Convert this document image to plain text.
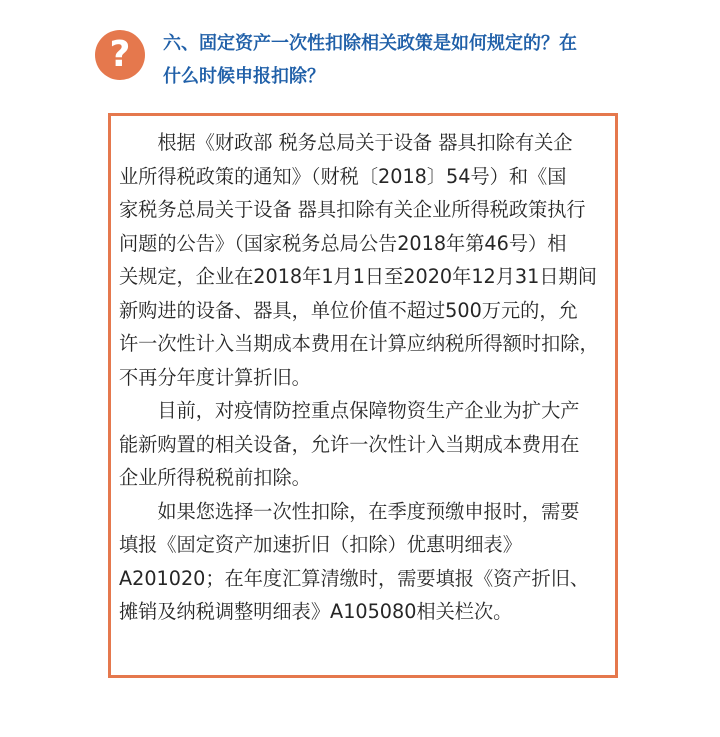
?	六、固定资产一次性扣除相关政策是如何规定的？在
什么时候申报扣除？
　　根据《财政部 税务总局关于设备 器具扣除有关企
业所得税政策的通知》（财税〔2018〕54号）和《国
家税务总局关于设备 器具扣除有关企业所得税政策执行
问题的公告》（国家税务总局公告2018年第46号）相
关规定，企业在2018年1月1日至2020年12月31日期间
新购进的设备、器具，单位价值不超过500万元的，允
许一次性计入当期成本费用在计算应纳税所得额时扣除，
不再分年度计算折旧。
　　目前，对疫情防控重点保障物资生产企业为扩大产
能新购置的相关设备，允许一次性计入当期成本费用在
企业所得税税前扣除。
　　如果您选择一次性扣除，在季度预缴申报时，需要
填报《固定资产加速折旧（扣除）优惠明细表》
A201020；在年度汇算清缴时，需要填报《资产折旧、
摊销及纳税调整明细表》A105080相关栏次。
